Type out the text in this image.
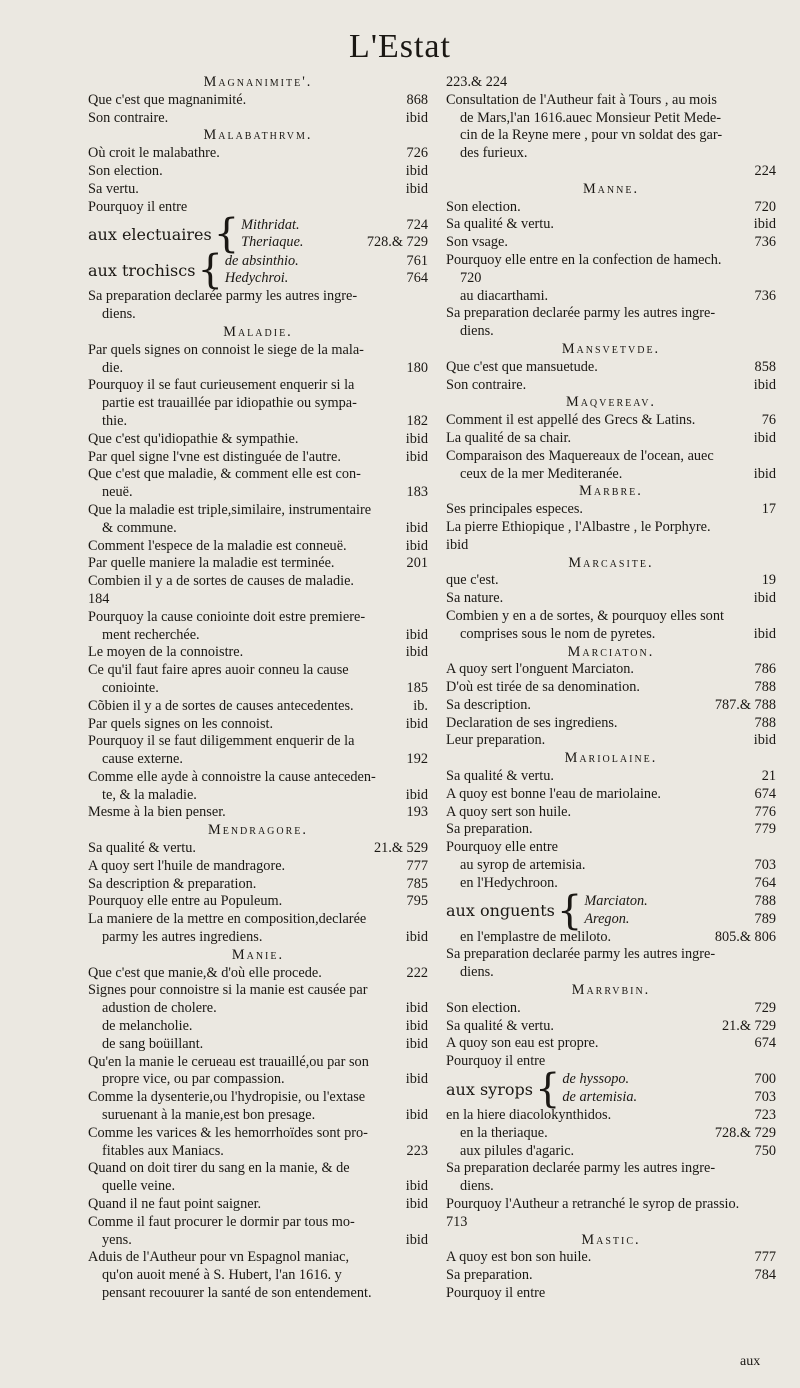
L'Estat

Magnanimite'.

Que c'est que magnanimité.	868
Son contraire.	ibid

Malabathrvm.

Où croit le malabathre.	726
Son election.	ibid
Sa vertu.	ibid
Pourquoy il entre
aux electuaires { Mithridat.	724
Theriaque.	728.& 729
aux trochiscs { de absinthio.	761
Hedychroi.	764
Sa preparation declarée parmy les autres ingre-
diens.

Maladie.

Par quels signes on connoist le siege de la mala-
die.	180
Pourquoy il se faut curieusement enquerir si la
partie est trauaillée par idiopathie ou sympa-
thie.	182
Que c'est qu'idiopathie & sympathie.	ibid
Par quel signe l'vne est distinguée de l'autre.	ibid
Que c'est que maladie, & comment elle est con-
neuë.	183
Que la maladie est triple,similaire, instrumentaire
& commune.	ibid
Comment l'espece de la maladie est conneuë.	ibid
Par quelle maniere la maladie est terminée.	201
Combien il y a de sortes de causes de maladie.
184
Pourquoy la cause coniointe doit estre premiere-
ment recherchée.	ibid
Le moyen de la connoistre.	ibid
Ce qu'il faut faire apres auoir conneu la cause
coniointe.	185
Cõbien il y a de sortes de causes antecedentes.	ib.
Par quels signes on les connoist.	ibid
Pourquoy il se faut diligemment enquerir de la
cause externe.	192
Comme elle ayde à connoistre la cause anteceden-
te, & la maladie.	ibid
Mesme à la bien penser.	193

Mendragore.

Sa qualité & vertu.	21.& 529
A quoy sert l'huile de mandragore.	777
Sa description & preparation.	785
Pourquoy elle entre au Populeum.	795
La maniere de la mettre en composition,declarée
parmy les autres ingrediens.	ibid

Manie.

Que c'est que manie,& d'où elle procede.	222
Signes pour connoistre si la manie est causée par
adustion de cholere.	ibid
de melancholie.	ibid
de sang boüillant.	ibid
Qu'en la manie le cerueau est trauaillé,ou par son
propre vice, ou par compassion.	ibid
Comme la dysenterie,ou l'hydropisie, ou l'extase
suruenant à la manie,est bon presage.	ibid
Comme les varices & les hemorrhoïdes sont pro-
fitables aux Maniacs.	223
Quand on doit tirer du sang en la manie, & de
quelle veine.	ibid
Quand il ne faut point saigner.	ibid
Comme il faut procurer le dormir par tous mo-
yens.	ibid
Aduis de l'Autheur pour vn Espagnol maniac,
qu'on auoit mené à S. Hubert, l'an 1616. y
pensant recouurer la santé de son entendement.
223.& 224
Consultation de l'Autheur fait à Tours , au mois
de Mars,l'an 1616.auec Monsieur Petit Mede-
cin de la Reyne mere , pour vn soldat des gar-
des furieux.
224

Manne.

Son election.	720
Sa qualité & vertu.	ibid
Son vsage.	736
Pourquoy elle entre en la confection de hamech.
720
au diacarthami.	736
Sa preparation declarée parmy les autres ingre-
diens.

Mansvetvde.

Que c'est que mansuetude.	858
Son contraire.	ibid

Maqvereav.

Comment il est appellé des Grecs & Latins.	76
La qualité de sa chair.	ibid
Comparaison des Maquereaux de l'ocean, auec
ceux de la mer Mediteranée.	ibid

Marbre.

Ses principales especes.	17
La pierre Ethiopique , l'Albastre , le Porphyre.
ibid

Marcasite.

que c'est.	19
Sa nature.	ibid
Combien y en a de sortes, & pourquoy elles sont
comprises sous le nom de pyretes.	ibid

Marciaton.

A quoy sert l'onguent Marciaton.	786
D'où est tirée de sa denomination.	788
Sa description.	787.& 788
Declaration de ses ingrediens.	788
Leur preparation.	ibid

Mariolaine.

Sa qualité & vertu.	21
A quoy est bonne l'eau de mariolaine.	674
A quoy sert son huile.	776
Sa preparation.	779
Pourquoy elle entre
au syrop de artemisia.	703
en l'Hedychroon.	764
aux onguents { Marciaton.	788
Aregon.	789
en l'emplastre de meliloto.	805.& 806
Sa preparation declarée parmy les autres ingre-
diens.

Marrvbin.

Son election.	729
Sa qualité & vertu.	21.& 729
A quoy son eau est propre.	674
Pourquoy il entre
aux syrops { de hyssopo.	700
de artemisia.	703
en la hiere diacolokynthidos.	723
en la theriaque.	728.& 729
aux pilules d'agaric.	750
Sa preparation declarée parmy les autres ingre-
diens.
Pourquoy l'Autheur a retranché le syrop de prassio.
713

Mastic.

A quoy est bon son huile.	777
Sa preparation.	784
Pourquoy il entre
aux
